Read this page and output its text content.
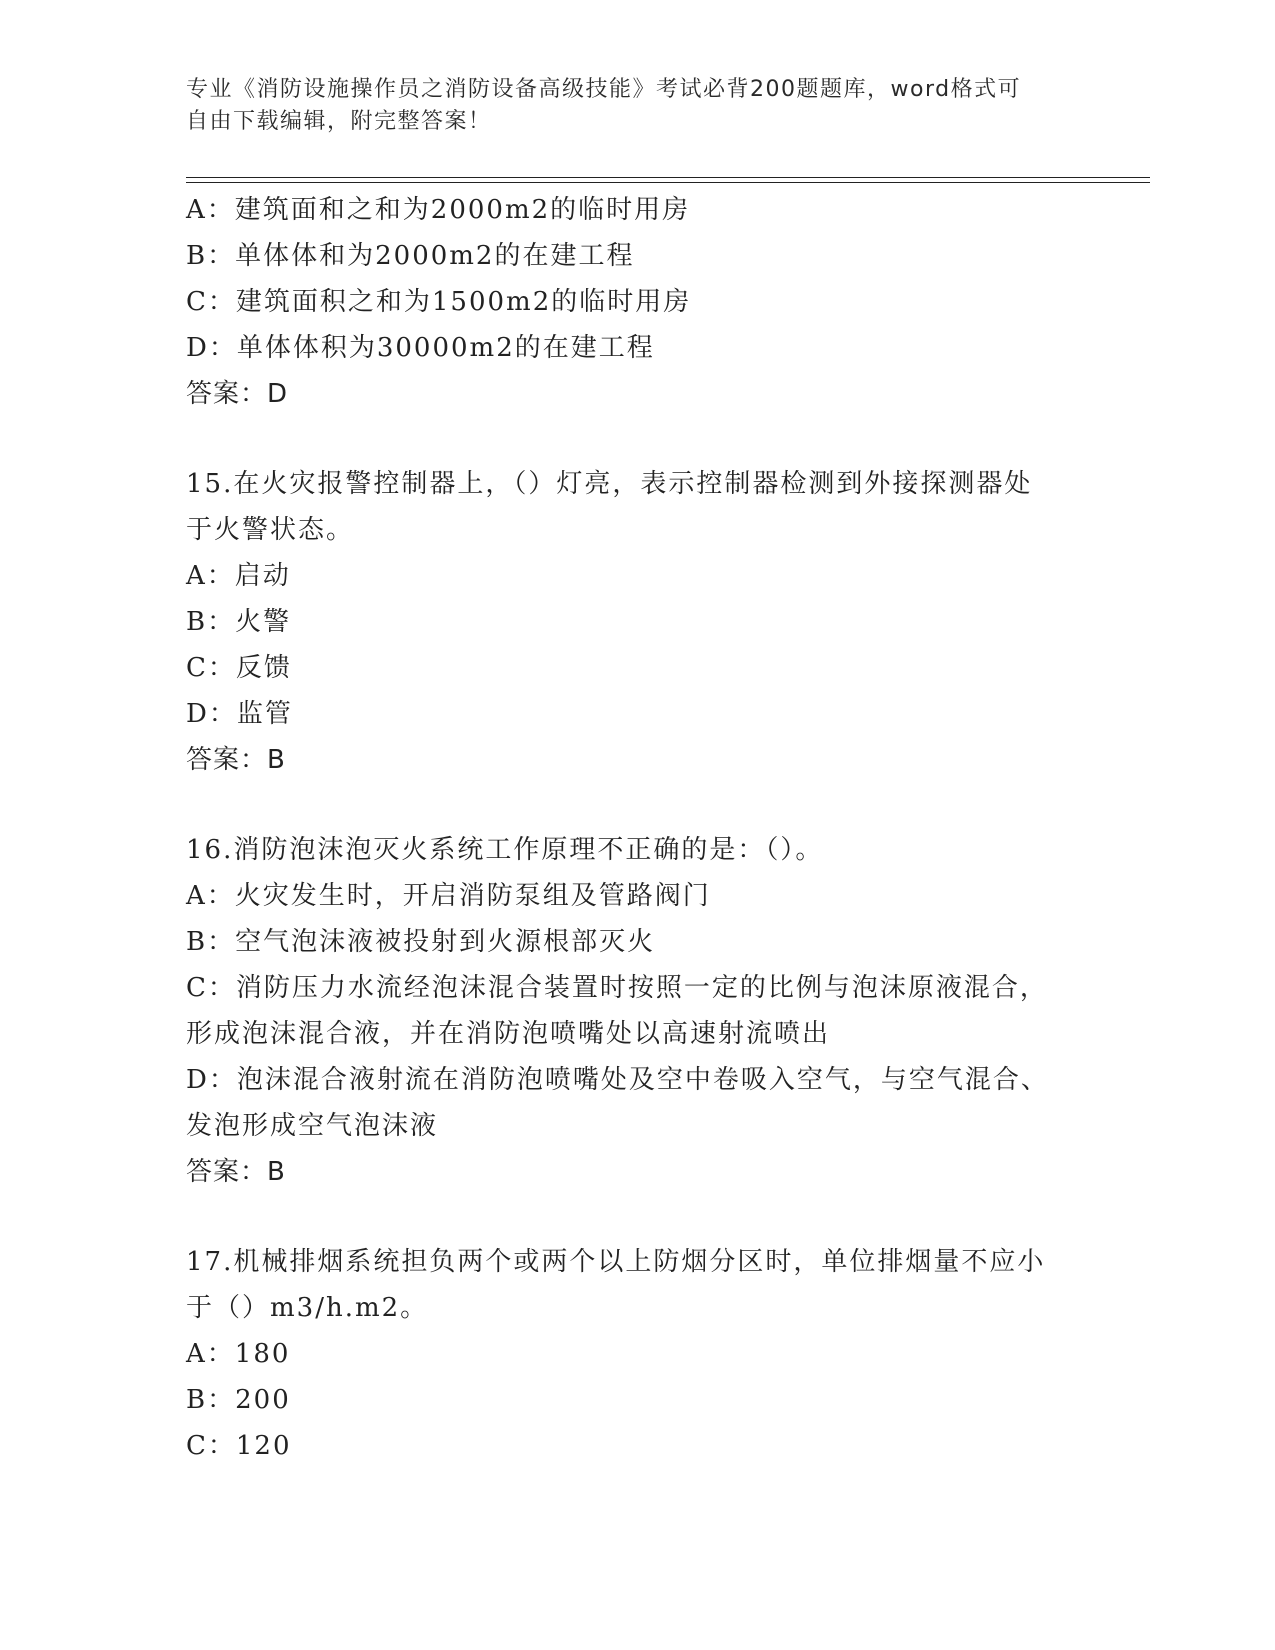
专业《消防设施操作员之消防设备高级技能》考试必背200题题库，word格式可
自由下载编辑，附完整答案！
A：建筑面和之和为2000m2的临时用房
B：单体体和为2000m2的在建工程
C：建筑面积之和为1500m2的临时用房
D：单体体积为30000m2的在建工程
答案：D
15.在火灾报警控制器上，（）灯亮，表示控制器检测到外接探测器处
于火警状态。
A：启动
B：火警
C：反馈
D：监管
答案：B
16.消防泡沫泡灭火系统工作原理不正确的是：（）。
A：火灾发生时，开启消防泵组及管路阀门
B：空气泡沫液被投射到火源根部灭火
C：消防压力水流经泡沫混合装置时按照一定的比例与泡沫原液混合，
形成泡沫混合液，并在消防泡喷嘴处以高速射流喷出
D：泡沫混合液射流在消防泡喷嘴处及空中卷吸入空气，与空气混合、
发泡形成空气泡沫液
答案：B
17.机械排烟系统担负两个或两个以上防烟分区时，单位排烟量不应小
于（）m3/h.m2。
A：180
B：200
C：120
